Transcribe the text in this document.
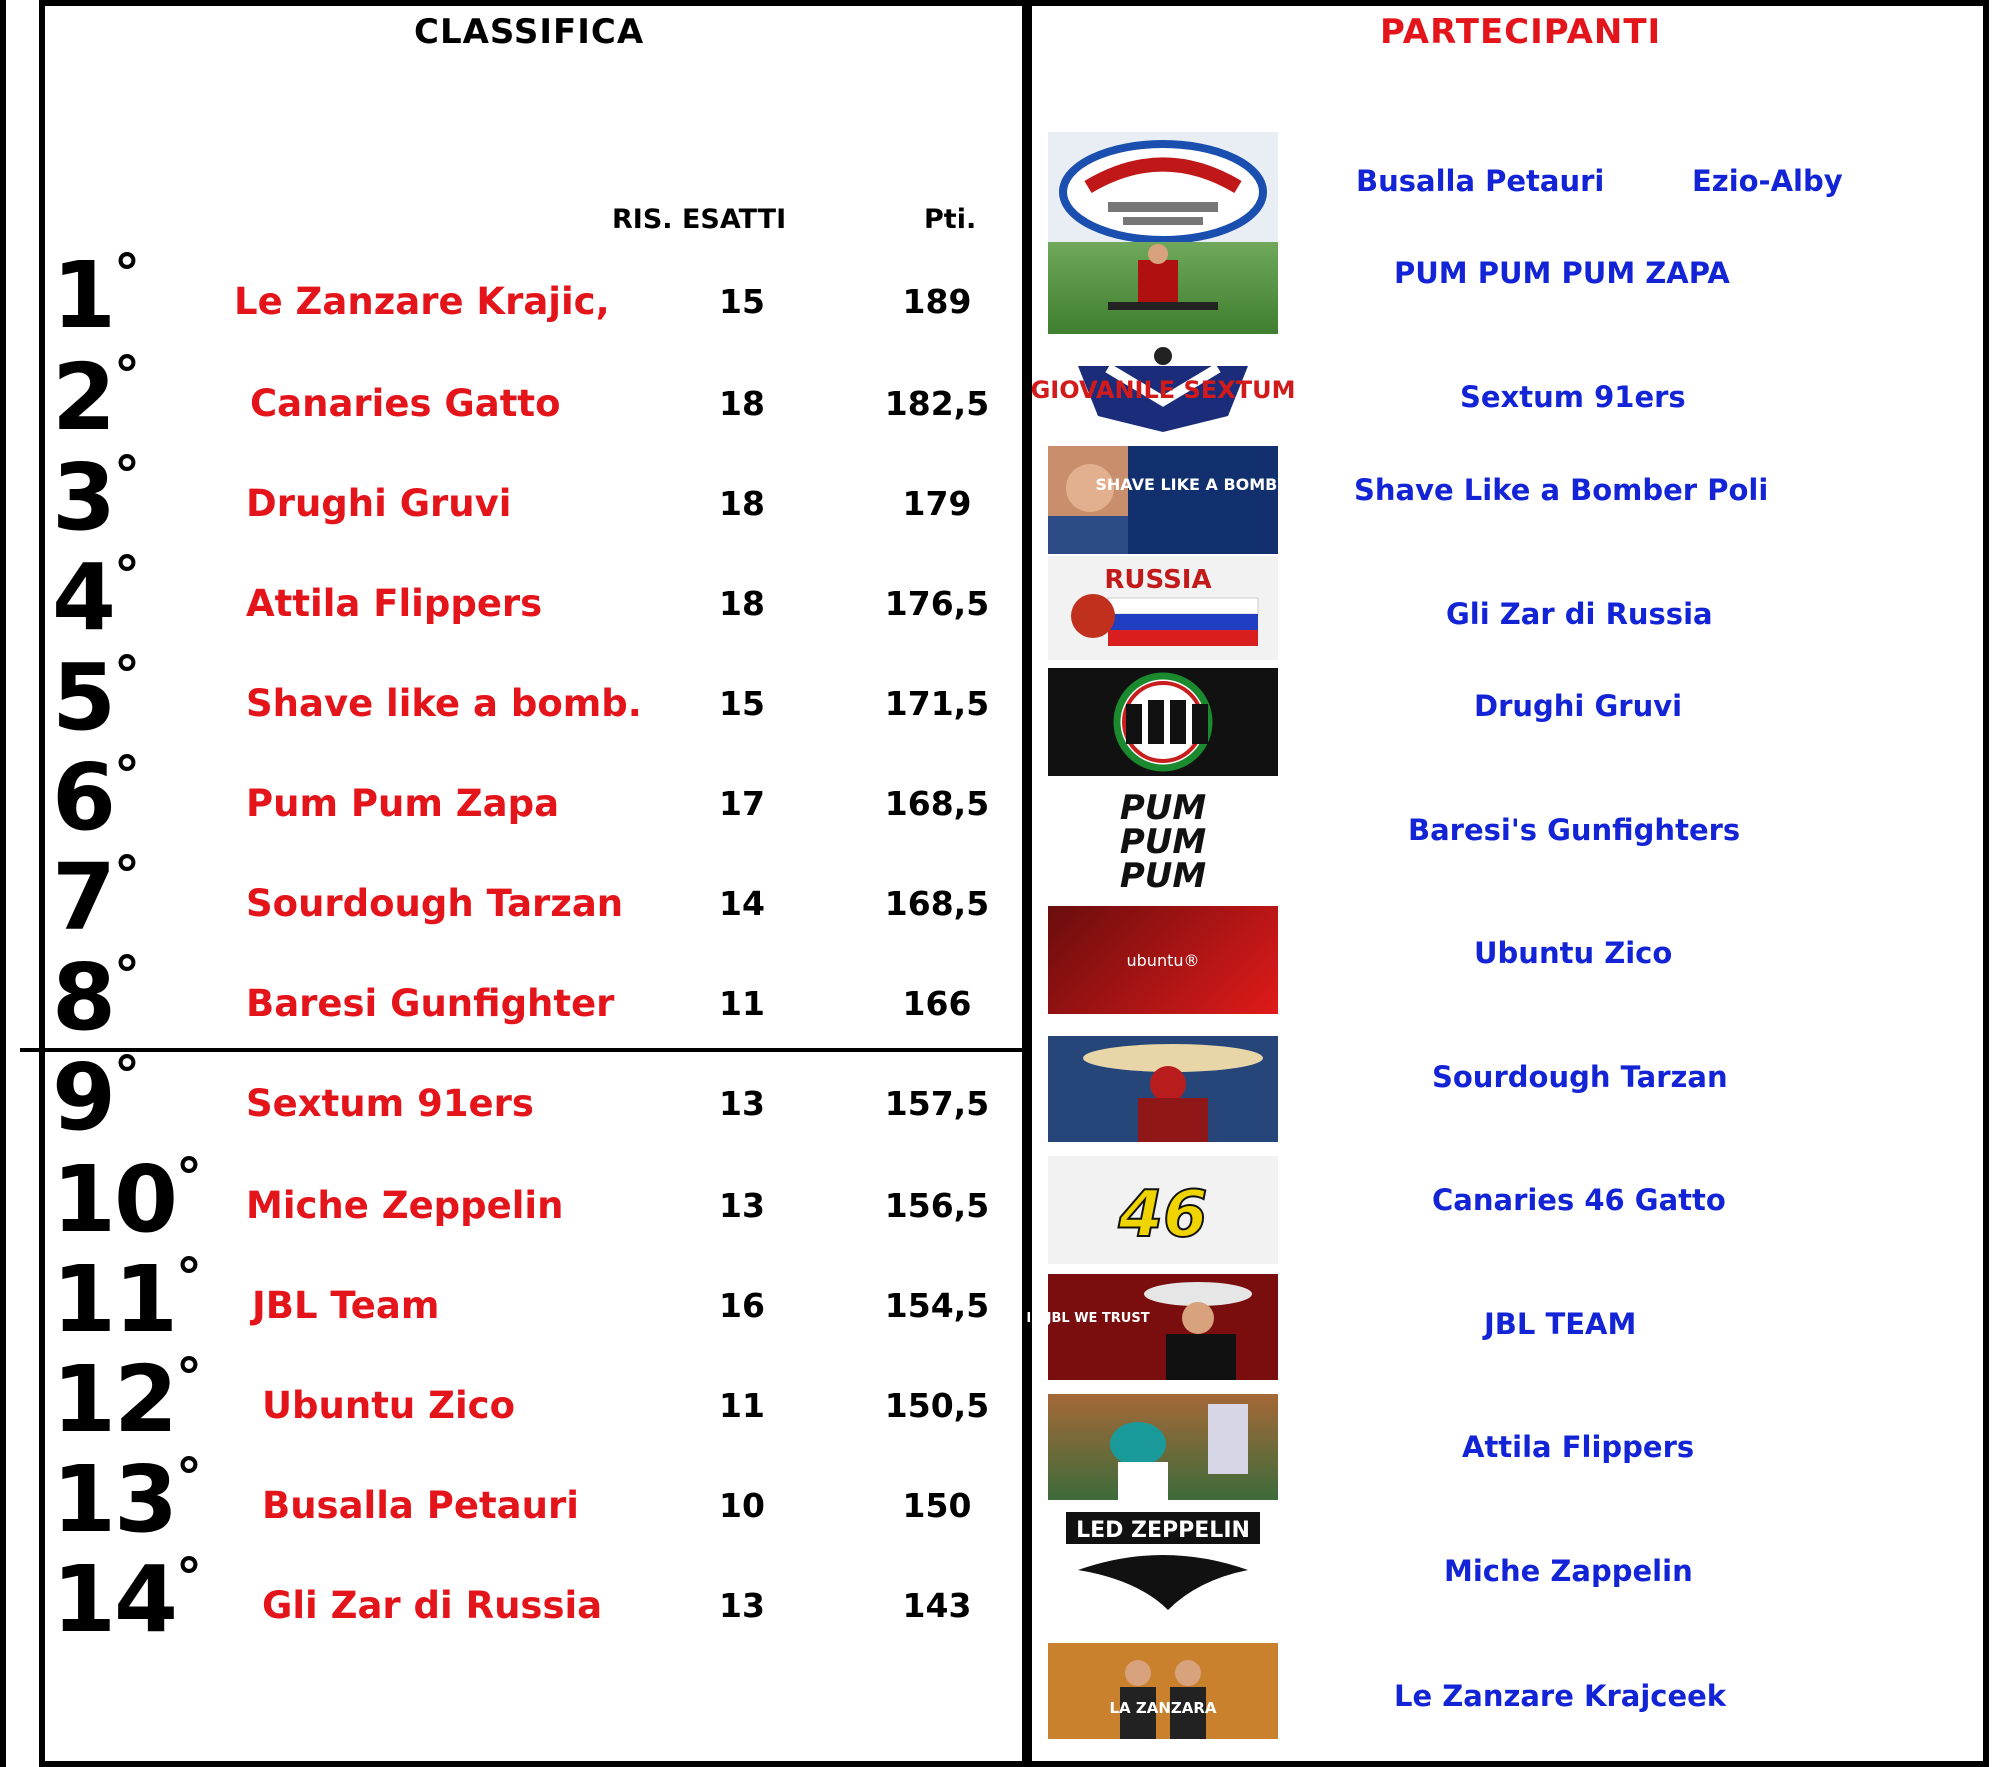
CLASSIFICA
RIS. ESATTI	Pti.
1°	Le Zanzare Krajic,	15	189
2°	Canaries Gatto	18	182,5
3°	Drughi Gruvi	18	179
4°	Attila Flippers	18	176,5
5°	Shave like a bomb.	15	171,5
6°	Pum Pum Zapa	17	168,5
7°	Sourdough Tarzan	14	168,5
8°	Baresi Gunfighter	11	166
9°	Sextum 91ers	13	157,5
10° Miche Zeppelin	13	156,5
11° JBL Team	16	154,5
12° Ubuntu Zico	11	150,5
13° Busalla Petauri	10	150
14° Gli Zar di Russia	13	143
PARTECIPANTI
GIOVANILE SEXTUM
SHAVE LIKE A BOMBER
RUSSIA
PUM
PUM
PUM
ubuntu®
46
IN JBL WE TRUST
LED ZEPPELIN
LA ZANZARA
Busalla Petauri	Ezio-Alby
PUM PUM PUM ZAPA
Sextum 91ers
Shave Like a Bomber Poli
Gli Zar di Russia
Drughi Gruvi
Baresi's Gunfighters
Ubuntu Zico
Sourdough Tarzan
Canaries 46 Gatto
JBL TEAM
Attila Flippers
Miche Zappelin
Le Zanzare Krajceek
